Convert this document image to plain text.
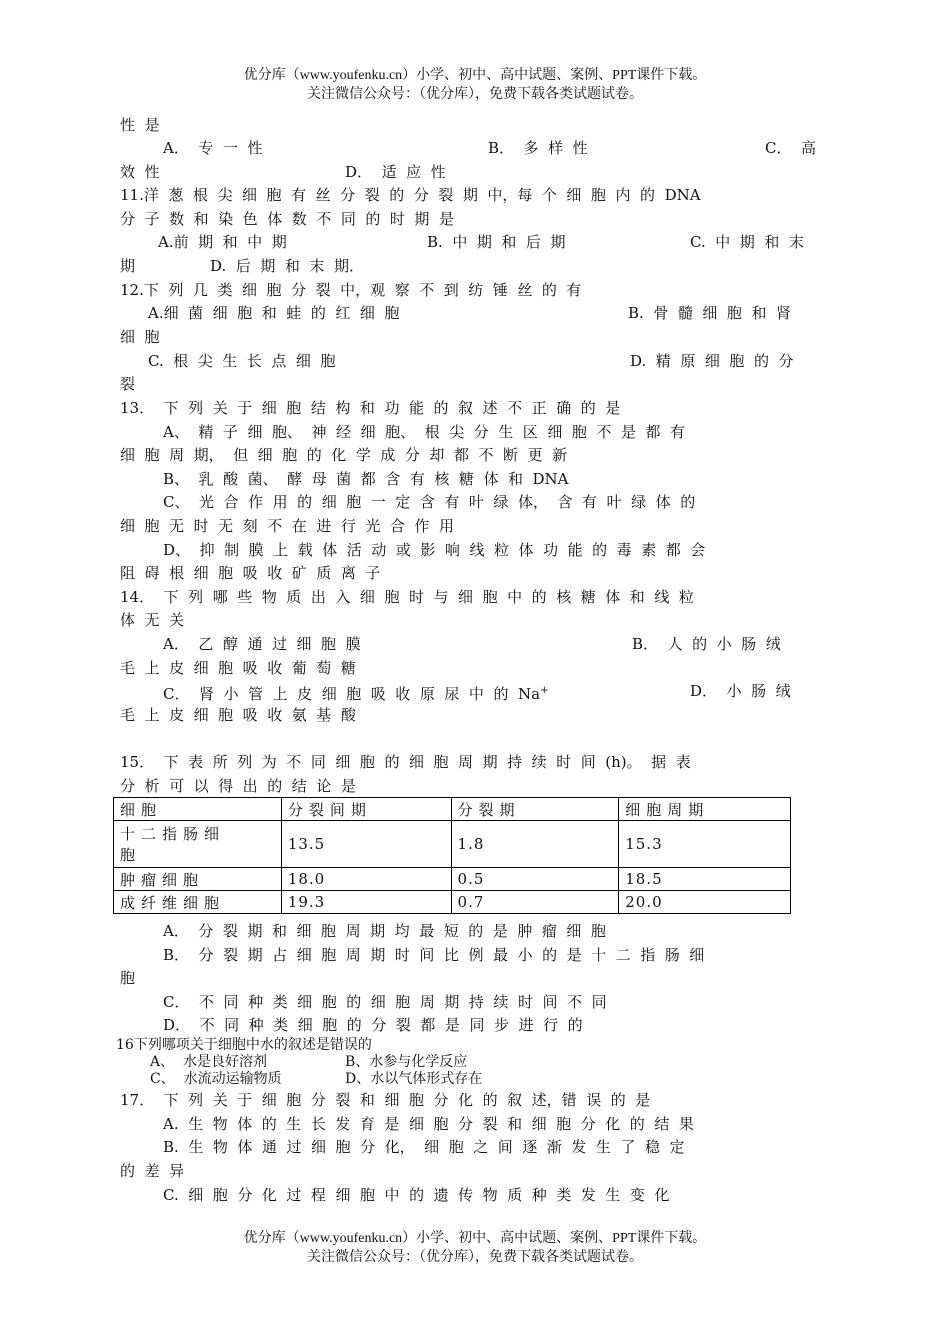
优分库（www.youfenku.cn）小学、初中、高中试题、案例、PPT课件下载。
关注微信公众号：（优分库），免费下载各类试题试卷。
性  是
A．  专  一  性	B．  多  样  性	C．  高
效  性	D．  适  应  性
11.洋  葱  根  尖  细  胞  有  丝  分  裂  的  分  裂  期  中，每  个  细  胞  内  的  DNA
分  子  数  和  染  色  体  数  不  同  的  时  期  是
A.前  期  和  中  期	B.  中  期  和  后  期	C.  中  期  和  末
期	D.  后  期  和  末  期．
12.下  列  几  类  细  胞  分  裂  中，观  察  不  到  纺  锤  丝  的  有
A.细  菌  细  胞  和  蛙  的  红  细  胞	B.  骨  髓  细  胞  和  肾
细  胞
C.  根  尖  生  长  点  细  胞	D.  精  原  细  胞  的  分
裂
13．  下  列  关  于  细  胞  结  构  和  功  能  的  叙  述  不  正  确  的  是
A、  精  子  细  胞、  神  经  细  胞、  根  尖  分  生  区  细  胞  不  是  都  有
细  胞  周  期，  但  细  胞  的  化  学  成  分  却  都  不  断  更  新
B、  乳  酸  菌、  酵  母  菌  都  含  有  核  糖  体  和  DNA
C、  光  合  作  用  的  细  胞  一  定  含  有  叶  绿  体，  含  有  叶  绿  体  的
细  胞  无  时  无  刻  不  在  进  行  光  合  作  用
D、  抑  制  膜  上  载  体  活  动  或  影  响  线  粒  体  功  能  的  毒  素  都  会
阻  碍  根  细  胞  吸  收  矿  质  离  子
14．  下  列  哪  些  物  质  出  入  细  胞  时  与  细  胞  中  的  核  糖  体  和  线  粒
体  无  关
A．  乙  醇  通  过  细  胞  膜	B．  人  的  小  肠  绒
毛  上  皮  细  胞  吸  收  葡  萄  糖
C．  肾  小  管  上  皮  细  胞  吸  收  原  尿  中  的  Na+	D．  小  肠  绒
毛  上  皮  细  胞  吸  收  氨  基  酸
15．  下  表  所  列  为  不  同  细  胞  的  细  胞  周  期  持  续  时  间  (h)。  据  表
分  析  可  以  得  出  的  结  论  是
细胞	分裂间期	分裂期	细胞周期
十二指肠细
胞	13.5	1.8	15.3
肿瘤细胞	18.0	0.5	18.5
成纤维细胞	19.3	0.7	20.0
A．  分  裂  期  和  细  胞  周  期  均  最  短  的  是  肿  瘤  细  胞
B．  分  裂  期  占  细  胞  周  期  时  间  比  例  最  小  的  是  十  二  指  肠  细
胞
C．  不  同  种  类  细  胞  的  细  胞  周  期  持  续  时  间  不  同
D．  不  同  种  类  细  胞  的  分  裂  都  是  同  步  进  行  的
16下列哪项关于细胞中水的叙述是错误的
A、  水是良好溶剂	B、水参与化学反应
C、  水流动运输物质	D、水以气体形式存在
17．  下  列  关  于  细  胞  分  裂  和  细  胞  分  化  的  叙  述，错  误  的  是
A.  生  物  体  的  生  长  发  育  是  细  胞  分  裂  和  细  胞  分  化  的  结  果
B.  生  物  体  通  过  细  胞  分  化，  细  胞  之  间  逐  渐  发  生  了  稳  定
的  差  异
C.  细  胞  分  化  过  程  细  胞  中  的  遗  传  物  质  种  类  发  生  变  化
优分库（www.youfenku.cn）小学、初中、高中试题、案例、PPT课件下载。
关注微信公众号：（优分库），免费下载各类试题试卷。
